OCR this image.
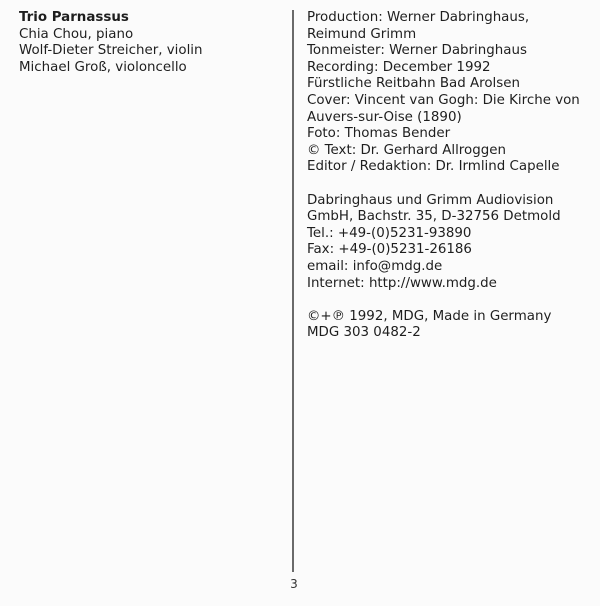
Trio Parnassus
Chia Chou, piano
Wolf-Dieter Streicher, violin
Michael Groß, violoncello
Production: Werner Dabringhaus,
Reimund Grimm
Tonmeister: Werner Dabringhaus
Recording: December 1992
Fürstliche Reitbahn Bad Arolsen
Cover: Vincent van Gogh: Die Kirche von
Auvers-sur-Oise (1890)
Foto: Thomas Bender
© Text: Dr. Gerhard Allroggen
Editor / Redaktion: Dr. Irmlind Capelle
Dabringhaus und Grimm Audiovision
GmbH, Bachstr. 35, D-32756 Detmold
Tel.: +49-(0)5231-93890
Fax: +49-(0)5231-26186
email: info@mdg.de
Internet: http://www.mdg.de
©+℗ 1992, MDG, Made in Germany
MDG 303 0482-2
3
